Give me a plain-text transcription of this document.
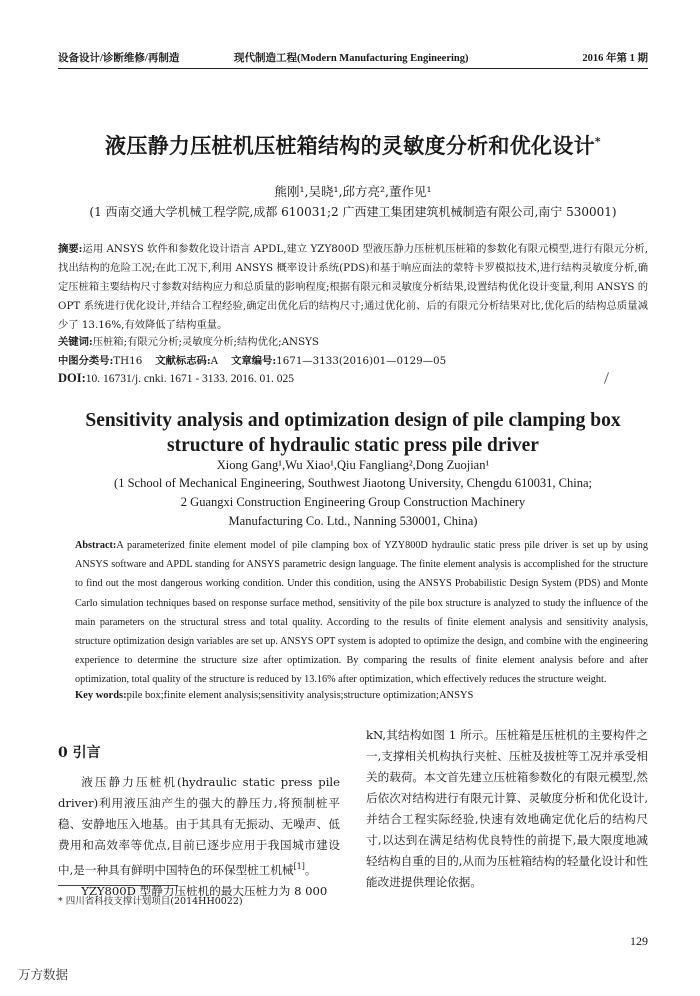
设备设计/诊断维修/再制造	现代制造工程(Modern Manufacturing Engineering)	2016 年第 1 期
液压静力压桩机压桩箱结构的灵敏度分析和优化设计*
熊刚¹,吴晓¹,邱方亮²,董作见¹
(1 西南交通大学机械工程学院,成都 610031;2 广西建工集团建筑机械制造有限公司,南宁 530001)
摘要:运用 ANSYS 软件和参数化设计语言 APDL,建立 YZY800D 型液压静力压桩机压桩箱的参数化有限元模型,进行有限元分析,找出结构的危险工况;在此工况下,利用 ANSYS 概率设计系统(PDS)和基于响应面法的蒙特卡罗模拟技术,进行结构灵敏度分析,确定压桩箱主要结构尺寸参数对结构应力和总质量的影响程度;根据有限元和灵敏度分析结果,设置结构优化设计变量,利用 ANSYS 的 OPT 系统进行优化设计,并结合工程经验,确定出优化后的结构尺寸;通过优化前、后的有限元分析结果对比,优化后的结构总质量减少了 13.16%,有效降低了结构重量。
关键词:压桩箱;有限元分析;灵敏度分析;结构优化;ANSYS
中图分类号:TH16 文献标志码:A 文章编号:1671—3133(2016)01—0129—05
DOI:10. 16731/j. cnki. 1671 - 3133. 2016. 01. 025
Sensitivity analysis and optimization design of pile clamping box
structure of hydraulic static press pile driver
Xiong Gang¹,Wu Xiao¹,Qiu Fangliang²,Dong Zuojian¹
(1 School of Mechanical Engineering, Southwest Jiaotong University, Chengdu 610031, China;
2 Guangxi Construction Engineering Group Construction Machinery
Manufacturing Co. Ltd., Nanning 530001, China)
Abstract:A parameterized finite element model of pile clamping box of YZY800D hydraulic static press pile driver is set up by using ANSYS software and APDL standing for ANSYS parametric design language. The finite element analysis is accomplished for the structure to find out the most dangerous working condition. Under this condition, using the ANSYS Probabilistic Design System (PDS) and Monte Carlo simulation techniques based on response surface method, sensitivity of the pile box structure is analyzed to study the influence of the main parameters on the structural stress and total quality. According to the results of finite element analysis and sensitivity analysis, structure optimization design variables are set up. ANSYS OPT system is adopted to optimize the design, and combine with the engineering experience to determine the structure size after optimization. By comparing the results of finite element analysis before and after optimization, total quality of the structure is reduced by 13.16% after optimization, which effectively reduces the structure weight.
Key words:pile box;finite element analysis;sensitivity analysis;structure optimization;ANSYS
0 引言
液压静力压桩机(hydraulic static press pile driver)利用液压油产生的强大的静压力,将预制桩平稳、安静地压入地基。由于其具有无振动、无噪声、低费用和高效率等优点,目前已逐步应用于我国城市建设中,是一种具有鲜明中国特色的环保型桩工机械[1]。
YZY800D 型静力压桩机的最大压桩力为 8 000
kN,其结构如图 1 所示。压桩箱是压桩机的主要构件之一,支撑相关机构执行夹桩、压桩及拔桩等工况并承受相关的载荷。本文首先建立压桩箱参数化的有限元模型,然后依次对结构进行有限元计算、灵敏度分析和优化设计,并结合工程实际经验,快速有效地确定优化后的结构尺寸,以达到在满足结构优良特性的前提下,最大限度地减轻结构自重的目的,从而为压桩箱结构的轻量化设计和性能改进提供理论依据。
* 四川省科技支撑计划项目(2014HH0022)
129
万方数据
